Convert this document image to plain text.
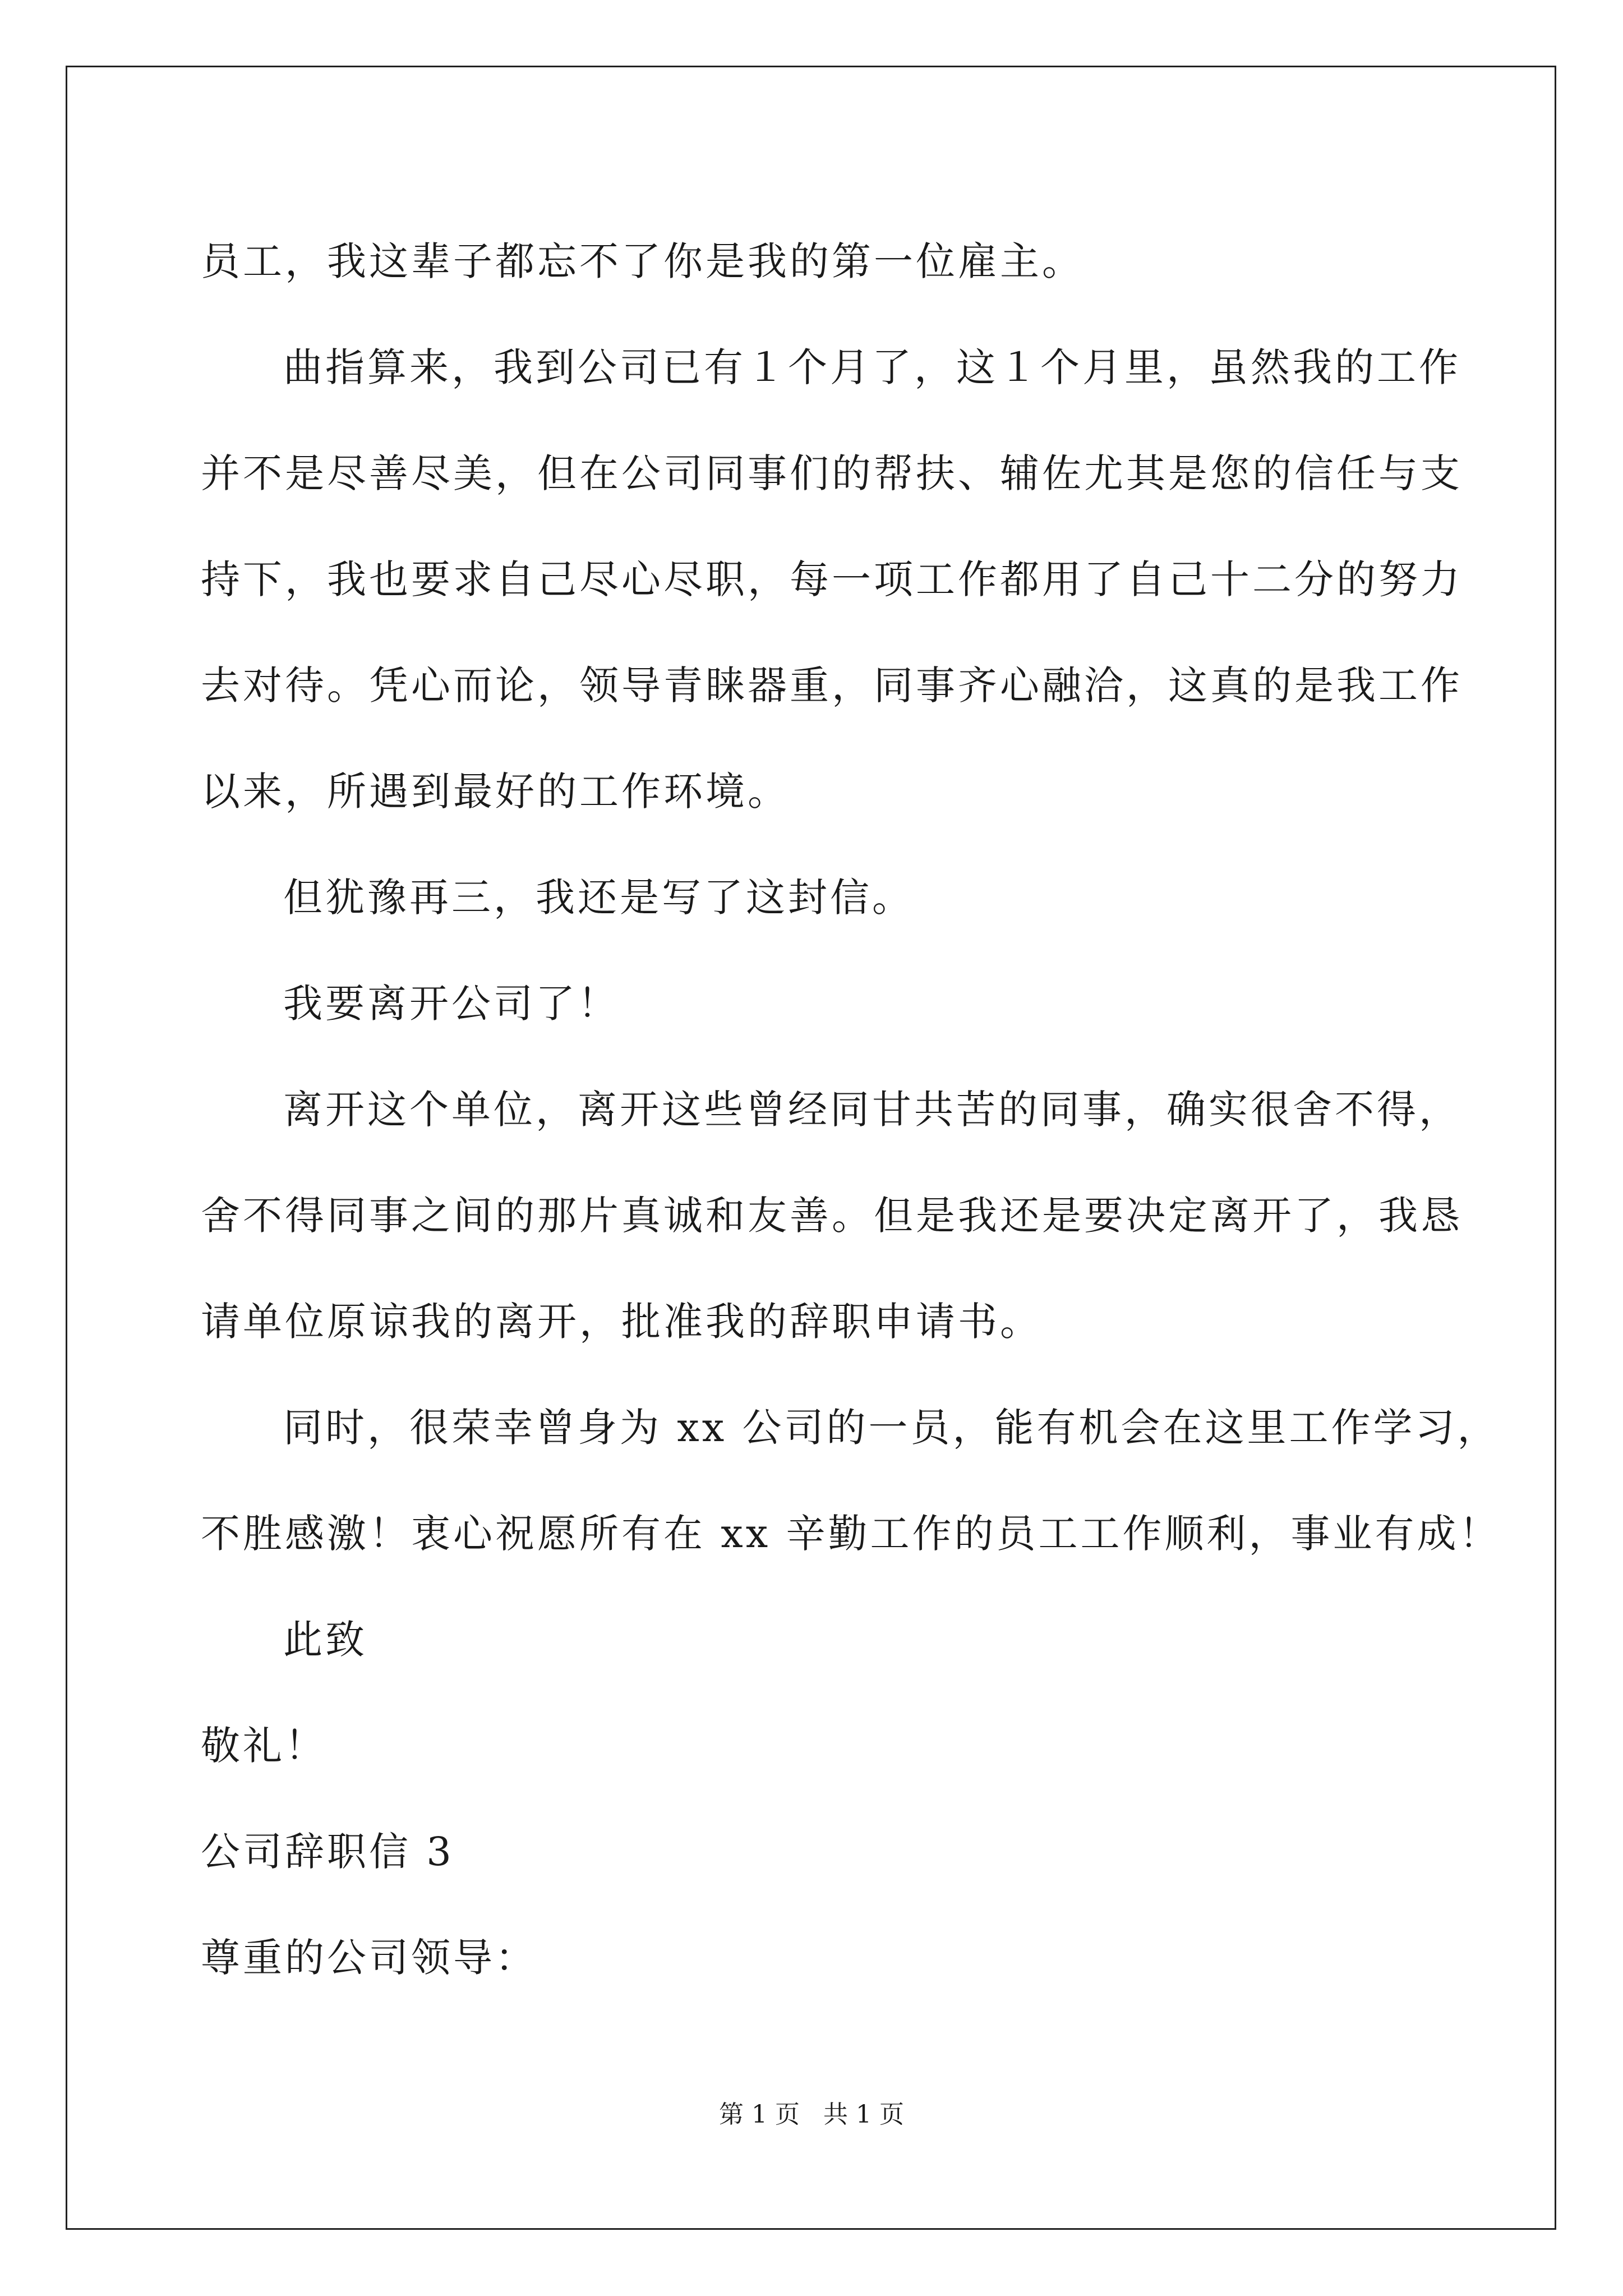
员工，我这辈子都忘不了你是我的第一位雇主。
曲指算来，我到公司已有１个月了，这１个月里，虽然我的工作
并不是尽善尽美，但在公司同事们的帮扶、辅佐尤其是您的信任与支
持下，我也要求自己尽心尽职，每一项工作都用了自己十二分的努力
去对待。凭心而论，领导青睐器重，同事齐心融洽，这真的是我工作
以来，所遇到最好的工作环境。
但犹豫再三，我还是写了这封信。
我要离开公司了！
离开这个单位，离开这些曾经同甘共苦的同事，确实很舍不得，
舍不得同事之间的那片真诚和友善。但是我还是要决定离开了，我恳
请单位原谅我的离开，批准我的辞职申请书。
同时，很荣幸曾身为 xx 公司的一员，能有机会在这里工作学习，
不胜感激！衷心祝愿所有在 xx 辛勤工作的员工工作顺利，事业有成！
此致
敬礼！
公司辞职信 3
尊重的公司领导：
第 1 页   共 1 页
